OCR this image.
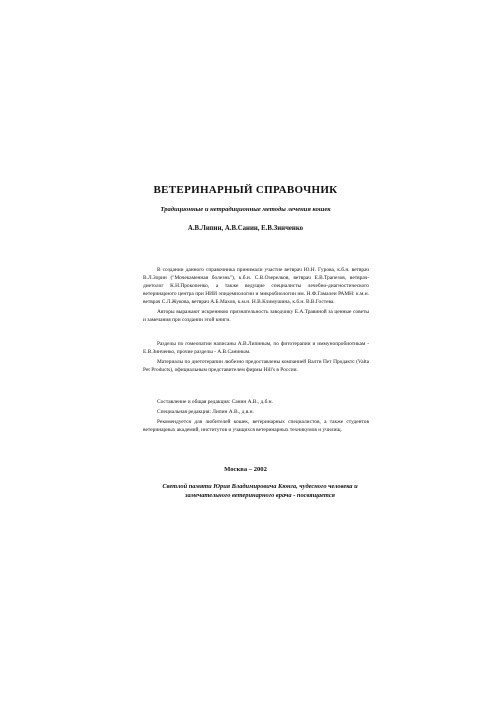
ВЕТЕРИНАРНЫЙ СПРАВОЧНИК
Традиционные и нетрадиционные методы лечения кошек
А.В.Липин, А.В.Санин, Е.В.Зинченко

В создании данного справочника принимали участие ветврач Ю.Н. Гурова, к.б.н. ветврач В.Л.Зорин ("Мочекаменная болезнь"), к.б.н. С.В.Озерелков, ветврач Е.В.Трапезов, ветврач-диетолог К.Н.Прокопенко, а также ведущие специалисты лечебно-диагностического ветеринарного центра при НИИ эпидемиологии и микробиологии им. Н.Ф.Гамалеи РАМН: к.м.н. ветврач С.Л.Жукова, ветврач А.Б.Махов, к.м.н. Н.В.Климушина, к.б.н. В.В.Гостева.

Авторы выражают искреннюю признательность заводчику Е.А.Травиной за ценные советы и замечания при создании этой книги.

Разделы по гомеопатии написаны А.В.Липиным, по фитотерапии и иммунопробиотикам - Е.В.Зинченко, прочие разделы - А.В.Саниным.

Материалы по диетотерапии любезно предоставлены компанией Валти Пет Продактс (Valta Pet Products), официальным представителем фирмы Hill's в России.

Составление и общая редакция: Санин А.В., д.б.н.

Специальная редакция: Липин А.В., д.в.н.

Рекомендуется для любителей кошек, ветеринарных специалистов, а также студентов ветеринарных академий, институтов и учащихся ветеринарных техникумов и училищ.

Москва – 2002
Светлой памяти Юрия Владимировича Кюнга, чудесного человека и замечательного ветеринарного врача - посвящается
